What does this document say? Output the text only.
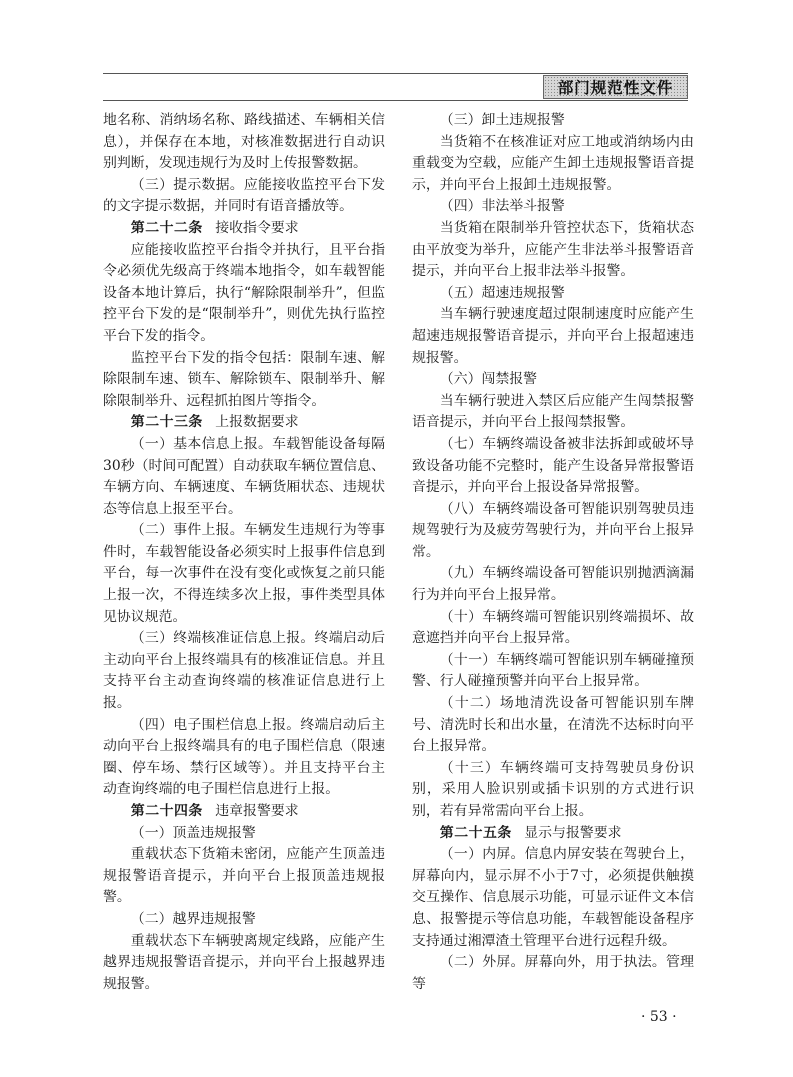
部门规范性文件

地名称、消纳场名称、路线描述、车辆相关信息），并保存在本地，对核准数据进行自动识别判断，发现违规行为及时上传报警数据。

（三）提示数据。应能接收监控平台下发的文字提示数据，并同时有语音播放等。

第二十二条 接收指令要求

应能接收监控平台指令并执行，且平台指令必须优先级高于终端本地指令，如车载智能设备本地计算后，执行“解除限制举升”，但监控平台下发的是“限制举升”，则优先执行监控平台下发的指令。

监控平台下发的指令包括：限制车速、解除限制车速、锁车、解除锁车、限制举升、解除限制举升、远程抓拍图片等指令。

第二十三条 上报数据要求

（一）基本信息上报。车载智能设备每隔30秒（时间可配置）自动获取车辆位置信息、车辆方向、车辆速度、车辆货厢状态、违规状态等信息上报至平台。

（二）事件上报。车辆发生违规行为等事件时，车载智能设备必须实时上报事件信息到平台，每一次事件在没有变化或恢复之前只能上报一次，不得连续多次上报，事件类型具体见协议规范。

（三）终端核准证信息上报。终端启动后主动向平台上报终端具有的核准证信息。并且支持平台主动查询终端的核准证信息进行上报。

（四）电子围栏信息上报。终端启动后主动向平台上报终端具有的电子围栏信息（限速圈、停车场、禁行区域等）。并且支持平台主动查询终端的电子围栏信息进行上报。

第二十四条 违章报警要求

（一）顶盖违规报警

重载状态下货箱未密闭，应能产生顶盖违规报警语音提示，并向平台上报顶盖违规报警。

（二）越界违规报警

重载状态下车辆驶离规定线路，应能产生越界违规报警语音提示，并向平台上报越界违规报警。

（三）卸土违规报警

当货箱不在核准证对应工地或消纳场内由重载变为空载，应能产生卸土违规报警语音提示，并向平台上报卸土违规报警。

（四）非法举斗报警

当货箱在限制举升管控状态下，货箱状态由平放变为举升，应能产生非法举斗报警语音提示，并向平台上报非法举斗报警。

（五）超速违规报警

当车辆行驶速度超过限制速度时应能产生超速违规报警语音提示，并向平台上报超速违规报警。

（六）闯禁报警

当车辆行驶进入禁区后应能产生闯禁报警语音提示，并向平台上报闯禁报警。

（七）车辆终端设备被非法拆卸或破坏导致设备功能不完整时，能产生设备异常报警语音提示，并向平台上报设备异常报警。

（八）车辆终端设备可智能识别驾驶员违规驾驶行为及疲劳驾驶行为，并向平台上报异常。

（九）车辆终端设备可智能识别抛洒滴漏行为并向平台上报异常。

（十）车辆终端可智能识别终端损坏、故意遮挡并向平台上报异常。

（十一）车辆终端可智能识别车辆碰撞预警、行人碰撞预警并向平台上报异常。

（十二）场地清洗设备可智能识别车牌号、清洗时长和出水量，在清洗不达标时向平台上报异常。

（十三）车辆终端可支持驾驶员身份识别，采用人脸识别或插卡识别的方式进行识别，若有异常需向平台上报。

第二十五条 显示与报警要求

（一）内屏。信息内屏安装在驾驶台上，屏幕向内，显示屏不小于7寸，必须提供触摸交互操作、信息展示功能，可显示证件文本信息、报警提示等信息功能，车载智能设备程序支持通过湘潭渣土管理平台进行远程升级。

（二）外屏。屏幕向外，用于执法。管理等

· 53 ·
